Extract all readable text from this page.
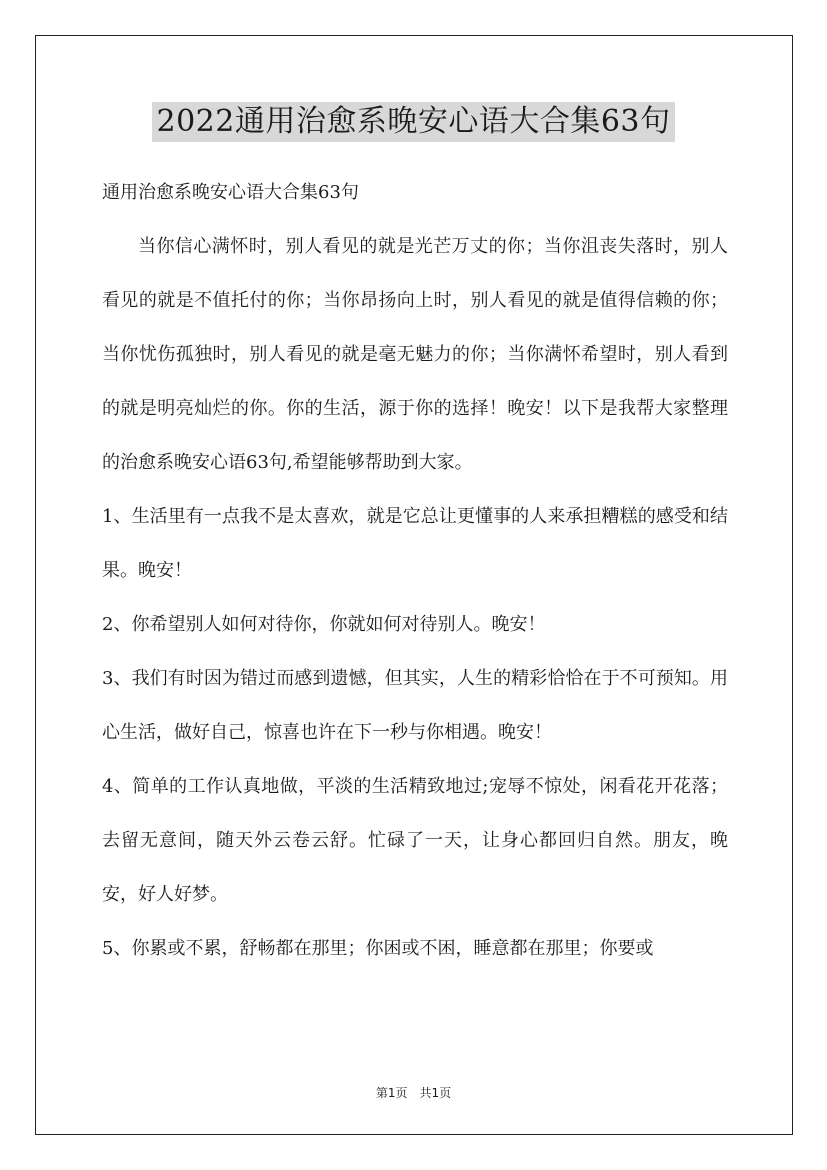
2022通用治愈系晚安心语大合集63句

通用治愈系晚安心语大合集63句

当你信心满怀时，别人看见的就是光芒万丈的你；当你沮丧失落时，别人看见的就是不值托付的你；当你昂扬向上时，别人看见的就是值得信赖的你； 当你忧伤孤独时，别人看见的就是毫无魅力的你；当你满怀希望时，别人看到的就是明亮灿烂的你。你的生活，源于你的选择！晚安！以下是我帮大家整理的治愈系晚安心语63句,希望能够帮助到大家。

1、生活里有一点我不是太喜欢，就是它总让更懂事的人来承担糟糕的感受和结果。晚安！

2、你希望别人如何对待你，你就如何对待别人。晚安！

3、我们有时因为错过而感到遗憾，但其实，人生的精彩恰恰在于不可预知。用心生活，做好自己，惊喜也许在下一秒与你相遇。晚安！

4、简单的工作认真地做，平淡的生活精致地过;宠辱不惊处，闲看花开花落；去留无意间，随天外云卷云舒。忙碌了一天，让身心都回归自然。朋友，晚安，好人好梦。

5、你累或不累，舒畅都在那里；你困或不困，睡意都在那里；你要或

第1页　共1页
